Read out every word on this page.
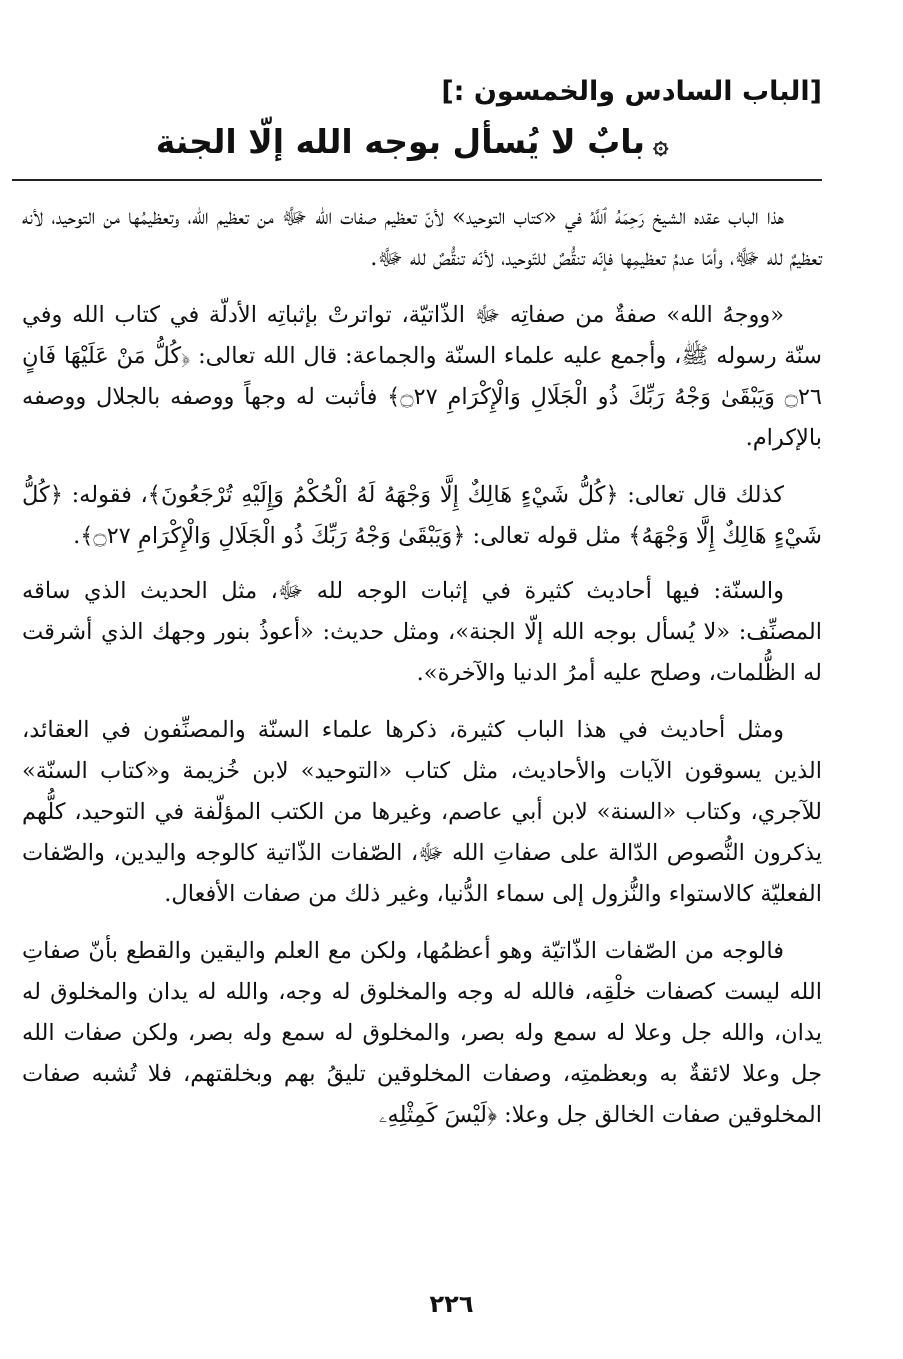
[الباب السادس والخمسون :]
۞بابٌ لا يُسأل بوجه الله إلّا الجنة

هذا الباب عقده الشيخ رَحِمَهُ ٱللَّهُ في «كتاب التوحيد» لأنّ تعظيم صفات الله ﷻ من تعظيم الله، وتعظيمُها من التوحيد، لأنه تعظيمٌ لله ﷻ، وأمّا عدمُ تعظيمِها فإنّه تنقُّصٌ للتّوحيد، لأنّه تنقُّصٌ لله ﷻ.

«ووجهُ الله» صفةٌ من صفاتِه ﷻ الذّاتيّة، تواترتْ بإثباتِه الأدلّة في كتاب الله وفي سنّة رسوله ﷺ، وأجمع عليه علماء السنّة والجماعة: قال الله تعالى: ﴿كُلُّ مَنْ عَلَيْهَا فَانٍ ۝٢٦ وَيَبْقَىٰ وَجْهُ رَبِّكَ ذُو الْجَلَالِ وَالْإِكْرَامِ ۝٢٧﴾ فأثبت له وجهاً ووصفه بالجلال ووصفه بالإكرام.

كذلك قال تعالى: ﴿كُلُّ شَيْءٍ هَالِكٌ إِلَّا وَجْهَهُ لَهُ الْحُكْمُ وَإِلَيْهِ تُرْجَعُونَ﴾، فقوله: ﴿كُلُّ شَيْءٍ هَالِكٌ إِلَّا وَجْهَهُ﴾ مثل قوله تعالى: ﴿وَيَبْقَىٰ وَجْهُ رَبِّكَ ذُو الْجَلَالِ وَالْإِكْرَامِ ۝٢٧﴾.

والسنّة: فيها أحاديث كثيرة في إثبات الوجه لله ﷻ، مثل الحديث الذي ساقه المصنِّف: «لا يُسأل بوجه الله إلّا الجنة»، ومثل حديث: «أعوذُ بنور وجهك الذي أشرقت له الظُّلمات، وصلح عليه أمرُ الدنيا والآخرة».

ومثل أحاديث في هذا الباب كثيرة، ذكرها علماء السنّة والمصنِّفون في العقائد، الذين يسوقون الآيات والأحاديث، مثل كتاب «التوحيد» لابن خُزيمة و«كتاب السنّة» للآجري، وكتاب «السنة» لابن أبي عاصم، وغيرها من الكتب المؤلّفة في التوحيد، كلُّهم يذكرون النُّصوص الدّالة على صفاتِ الله ﷻ، الصّفات الذّاتية كالوجه واليدين، والصّفات الفعليّة كالاستواء والنُّزول إلى سماء الدُّنيا، وغير ذلك من صفات الأفعال.

فالوجه من الصّفات الذّاتيّة وهو أعظمُها، ولكن مع العلم واليقين والقطع بأنّ صفاتِ الله ليست كصفات خلْقِه، فالله له وجه والمخلوق له وجه، والله له يدان والمخلوق له يدان، والله جل وعلا له سمع وله بصر، والمخلوق له سمع وله بصر، ولكن صفات الله جل وعلا لائقةٌ به وبعظمتِه، وصفات المخلوقين تليقُ بهم وبخلقتهم، فلا تُشبه صفات المخلوقين صفات الخالق جل وعلا: ﴿لَيْسَ كَمِثْلِهِۦ

٢٢٦
